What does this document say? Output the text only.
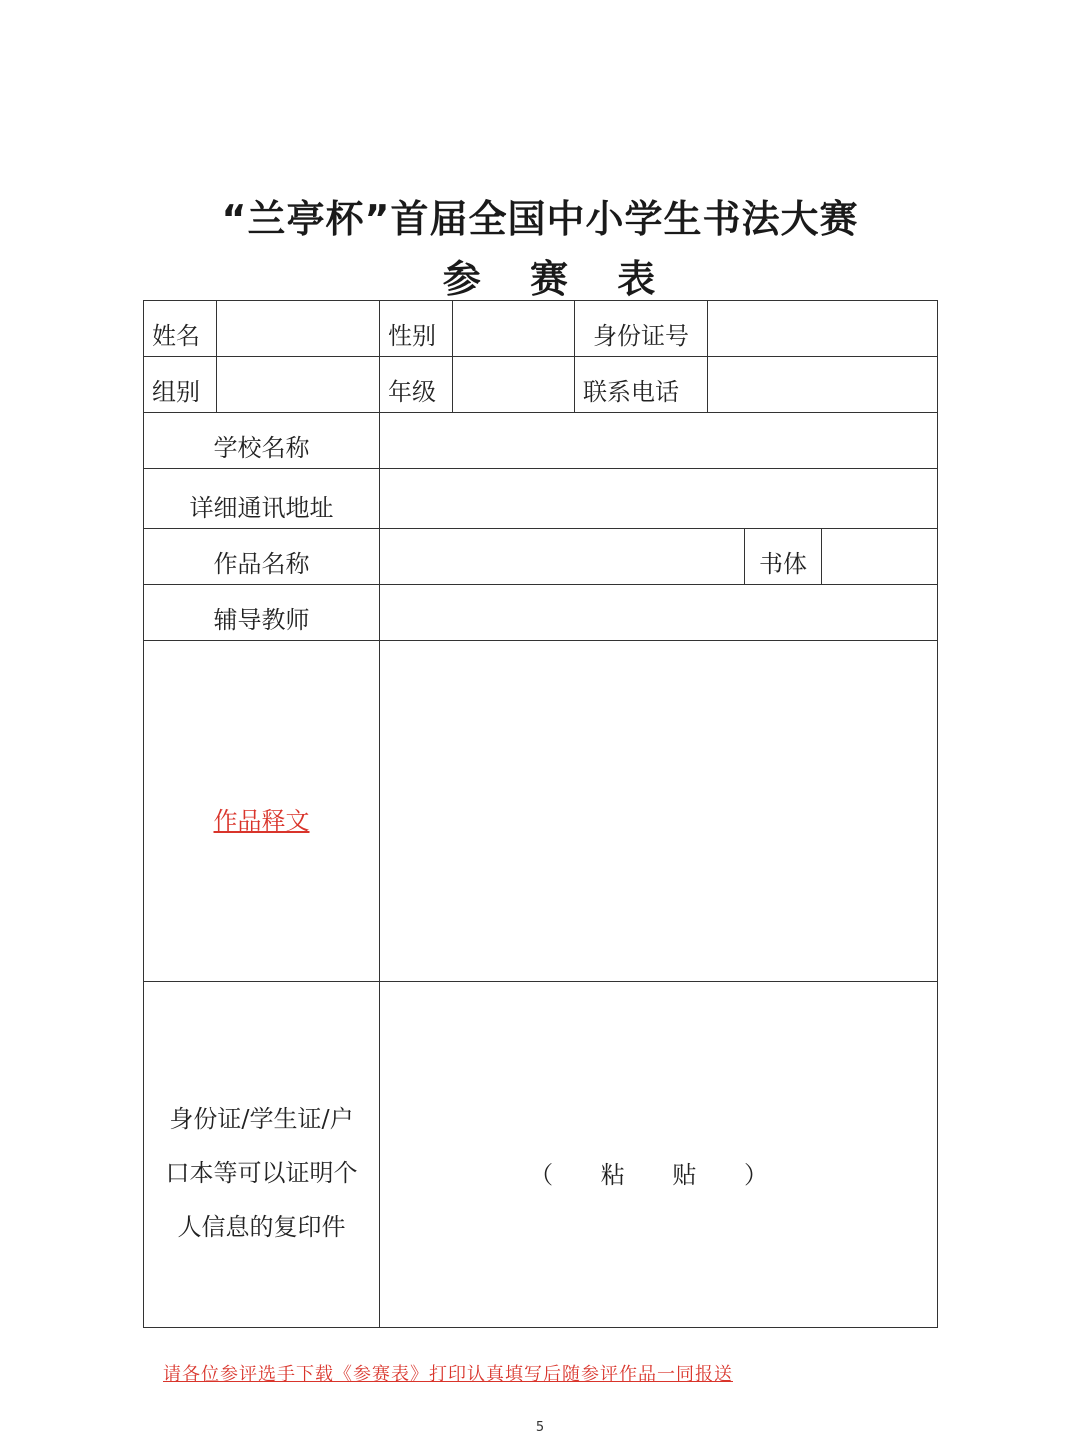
“兰亭杯”首届全国中小学生书法大赛
参 赛 表
姓名		性别		身份证号			
组别		年级		联系电话			
学校名称							
详细通讯地址							
作品名称						书体	
辅导教师							
作品释文							

身份证/学生证/户
口本等可以证明个
人信息的复印件		（ 粘 贴 ）					
请各位参评选手下载《参赛表》打印认真填写后随参评作品一同报送
5
